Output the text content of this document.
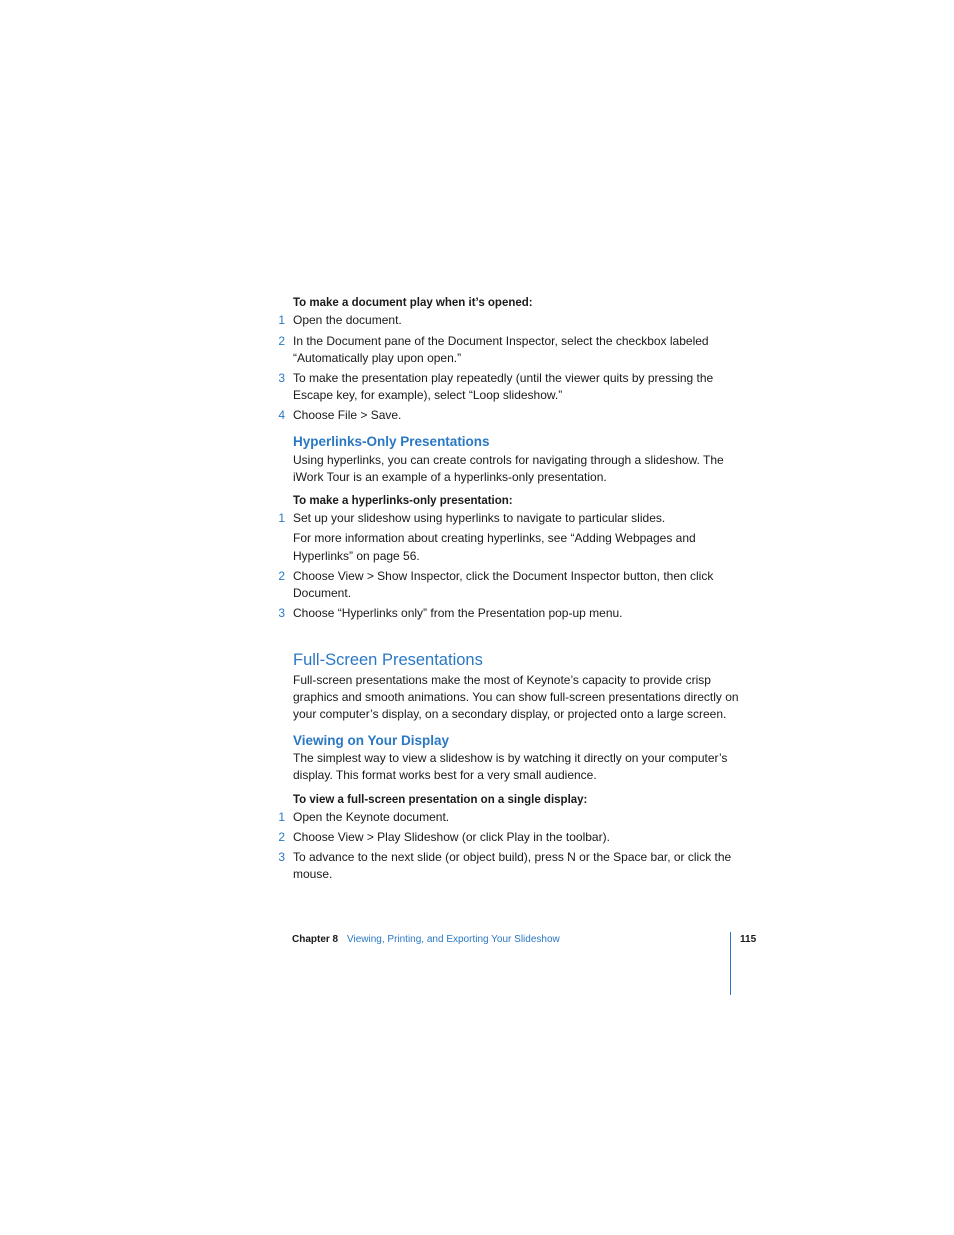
To make a document play when it’s opened:
1 Open the document.
2 In the Document pane of the Document Inspector, select the checkbox labeled
“Automatically play upon open.”
3 To make the presentation play repeatedly (until the viewer quits by pressing the
Escape key, for example), select “Loop slideshow.”
4 Choose File > Save.
Hyperlinks-Only Presentations
Using hyperlinks, you can create controls for navigating through a slideshow. The
iWork Tour is an example of a hyperlinks-only presentation.
To make a hyperlinks-only presentation:
1 Set up your slideshow using hyperlinks to navigate to particular slides.
For more information about creating hyperlinks, see “Adding Webpages and
Hyperlinks” on page 56.
2 Choose View > Show Inspector, click the Document Inspector button, then click
Document.
3 Choose “Hyperlinks only” from the Presentation pop-up menu.
Full-Screen Presentations
Full-screen presentations make the most of Keynote’s capacity to provide crisp
graphics and smooth animations. You can show full-screen presentations directly on
your computer’s display, on a secondary display, or projected onto a large screen.
Viewing on Your Display
The simplest way to view a slideshow is by watching it directly on your computer’s
display. This format works best for a very small audience.
To view a full-screen presentation on a single display:
1 Open the Keynote document.
2 Choose View > Play Slideshow (or click Play in the toolbar).
3 To advance to the next slide (or object build), press N or the Space bar, or click the
mouse.
Chapter 8 Viewing, Printing, and Exporting Your Slideshow	115
